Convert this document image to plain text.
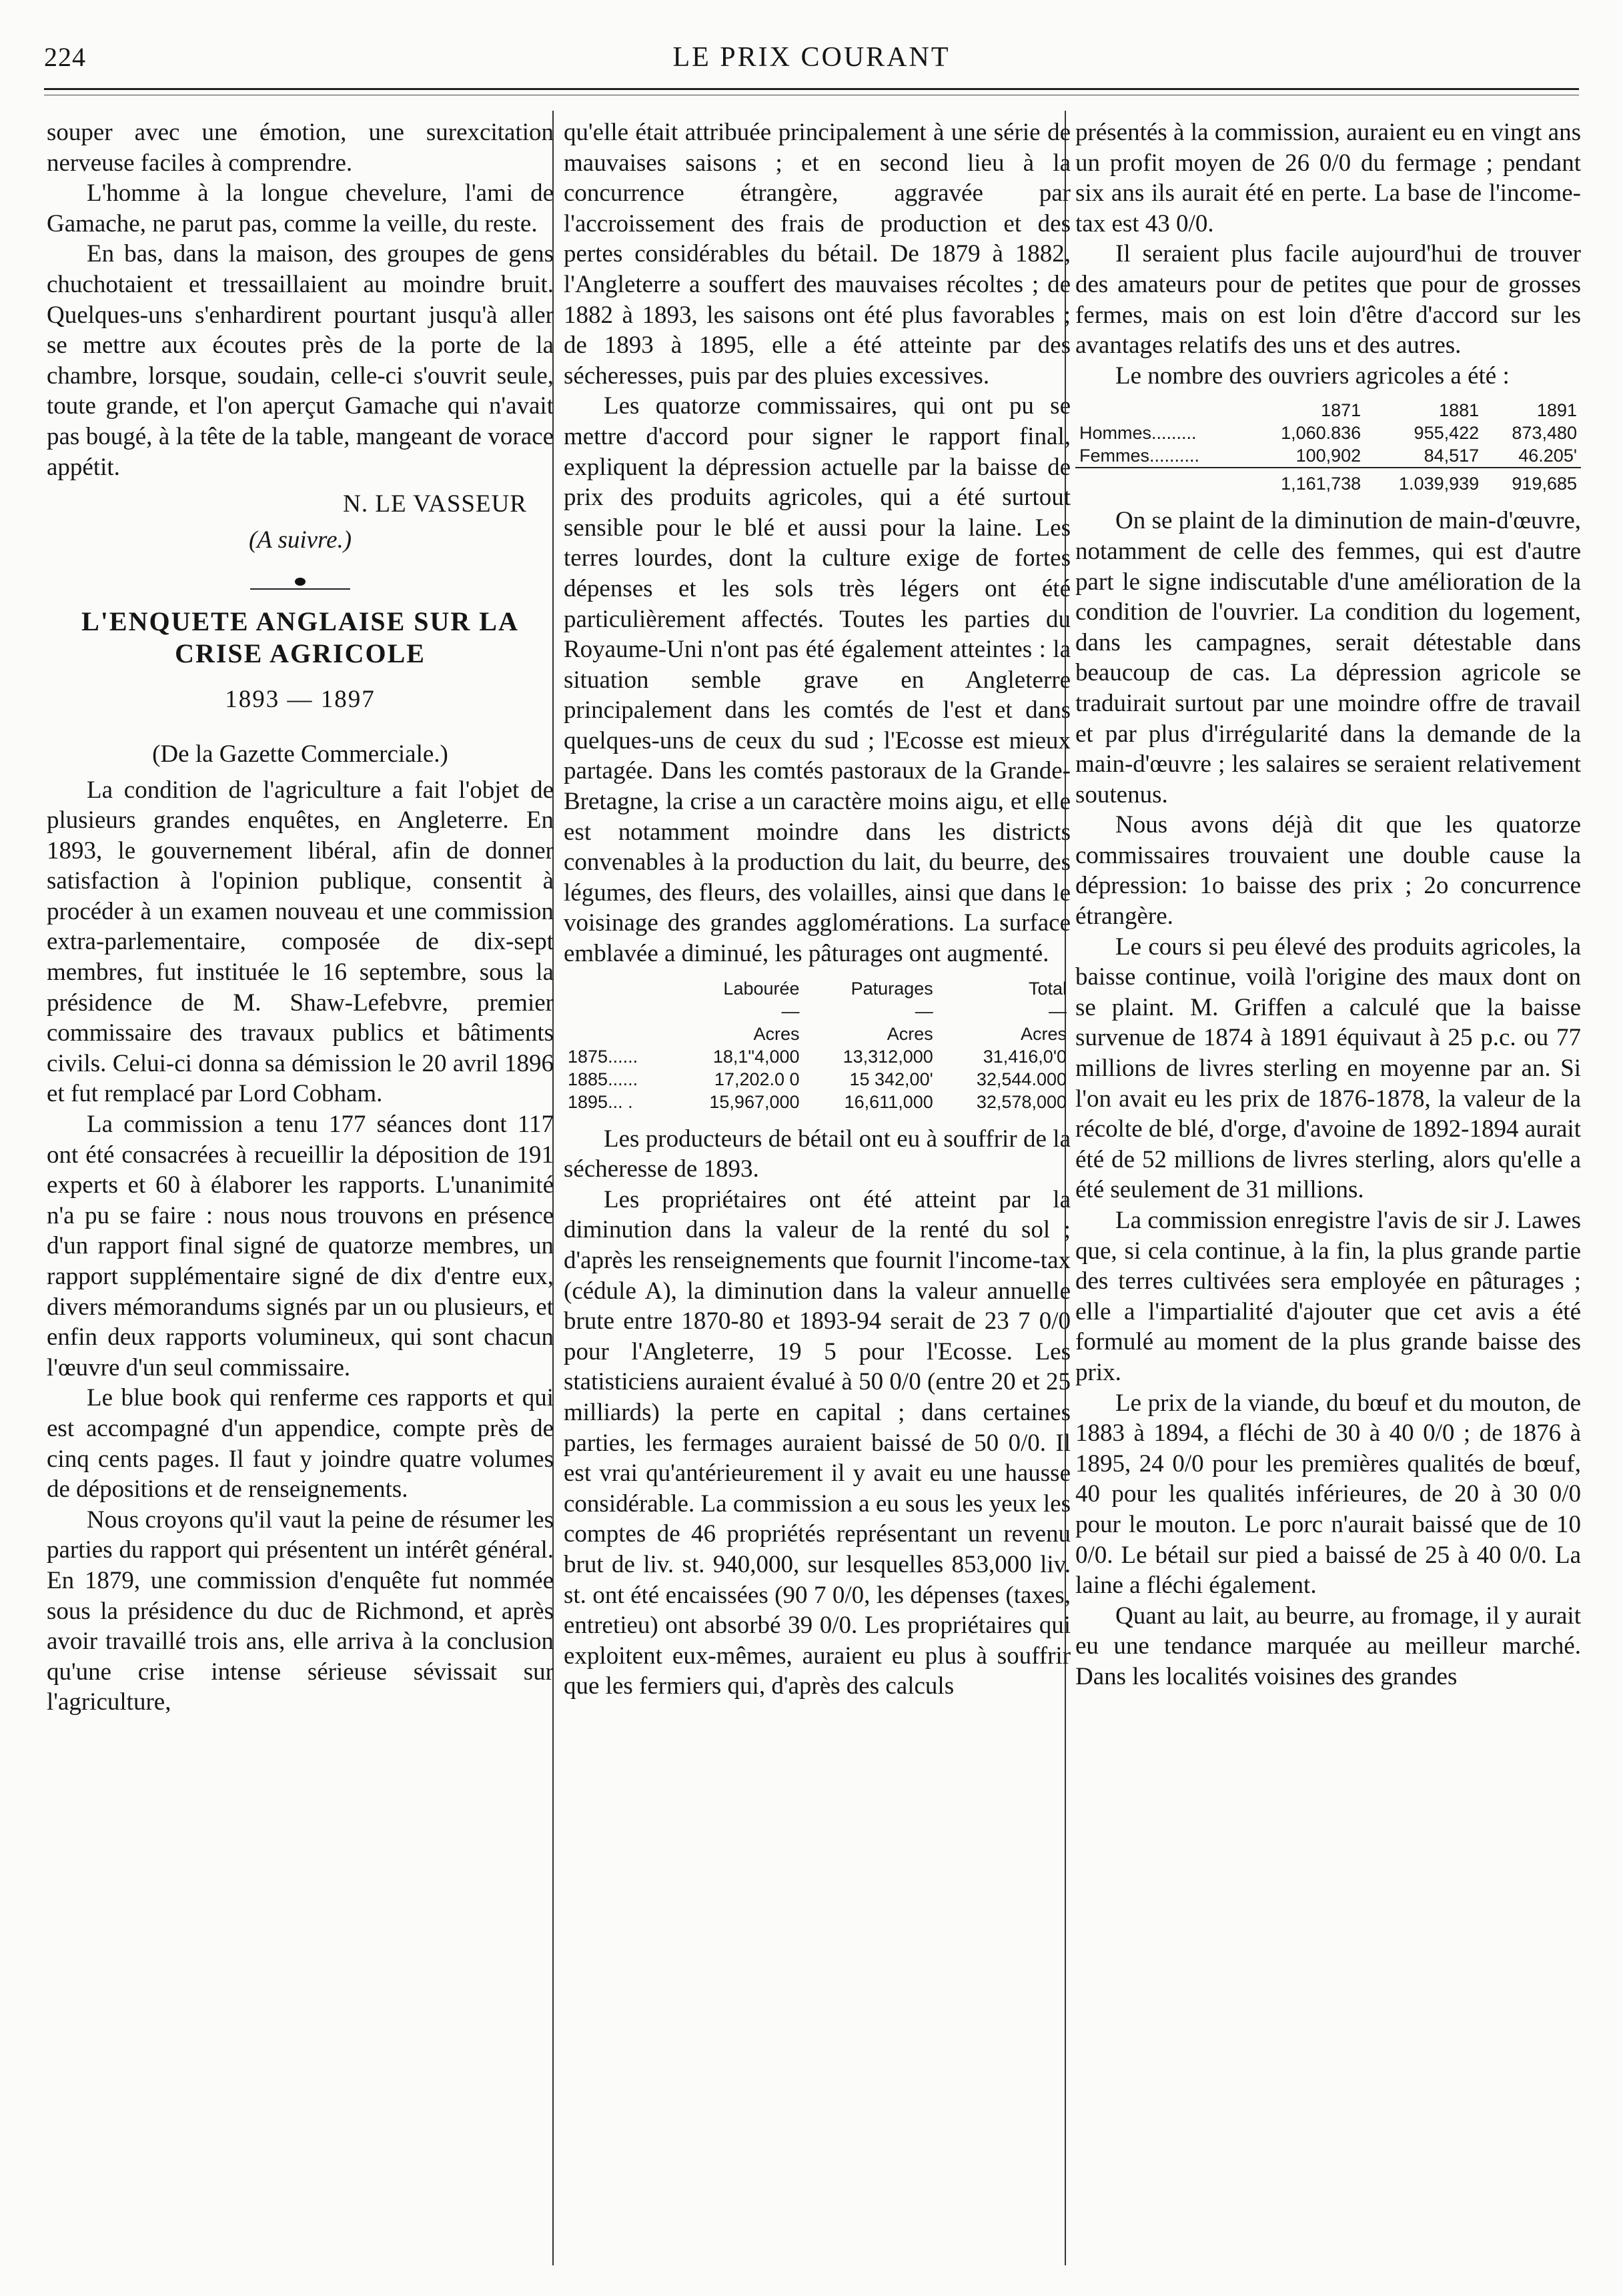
224	LE PRIX COURANT

souper avec une émotion, une surexcitation nerveuse faciles à comprendre.

L'homme à la longue chevelure, l'ami de Gamache, ne parut pas, comme la veille, du reste.

En bas, dans la maison, des groupes de gens chuchotaient et tressaillaient au moindre bruit. Quelques-uns s'enhardirent pourtant jusqu'à aller se mettre aux écoutes près de la porte de la chambre, lorsque, soudain, celle-ci s'ouvrit seule, toute grande, et l'on aperçut Gamache qui n'avait pas bougé, à la tête de la table, mangeant de vorace appétit.

N. LE VASSEUR

(A suivre.)

L'ENQUETE ANGLAISE SUR LA CRISE AGRICOLE

1893 — 1897

(De la Gazette Commerciale.)

La condition de l'agriculture a fait l'objet de plusieurs grandes enquêtes, en Angleterre. En 1893, le gouvernement libéral, afin de donner satisfaction à l'opinion publique, consentit à procéder à un examen nouveau et une commission extra-parlementaire, composée de dix-sept membres, fut instituée le 16 septembre, sous la présidence de M. Shaw-Lefebvre, premier commissaire des travaux publics et bâtiments civils. Celui-ci donna sa démission le 20 avril 1896 et fut remplacé par Lord Cobham.

La commission a tenu 177 séances dont 117 ont été consacrées à recueillir la déposition de 191 experts et 60 à élaborer les rapports. L'unanimité n'a pu se faire : nous nous trouvons en présence d'un rapport final signé de quatorze membres, un rapport supplémentaire signé de dix d'entre eux, divers mémorandums signés par un ou plusieurs, et enfin deux rapports volumineux, qui sont chacun l'œuvre d'un seul commissaire.

Le blue book qui renferme ces rapports et qui est accompagné d'un appendice, compte près de cinq cents pages. Il faut y joindre quatre volumes de dépositions et de renseignements.

Nous croyons qu'il vaut la peine de résumer les parties du rapport qui présentent un intérêt général. En 1879, une commission d'enquête fut nommée sous la présidence du duc de Richmond, et après avoir travaillé trois ans, elle arriva à la conclusion qu'une crise intense sérieuse sévissait sur l'agriculture,

qu'elle était attribuée principalement à une série de mauvaises saisons ; et en second lieu à la concurrence étrangère, aggravée par l'accroissement des frais de production et des pertes considérables du bétail. De 1879 à 1882, l'Angleterre a souffert des mauvaises récoltes ; de 1882 à 1893, les saisons ont été plus favorables ; de 1893 à 1895, elle a été atteinte par des sécheresses, puis par des pluies excessives.

Les quatorze commissaires, qui ont pu se mettre d'accord pour signer le rapport final, expliquent la dépression actuelle par la baisse de prix des produits agricoles, qui a été surtout sensible pour le blé et aussi pour la laine. Les terres lourdes, dont la culture exige de fortes dépenses et les sols très légers ont été particulièrement affectés. Toutes les parties du Royaume-Uni n'ont pas été également atteintes : la situation semble grave en Angleterre principalement dans les comtés de l'est et dans quelques-uns de ceux du sud ; l'Ecosse est mieux partagée. Dans les comtés pastoraux de la Grande-Bretagne, la crise a un caractère moins aigu, et elle est notamment moindre dans les districts convenables à la production du lait, du beurre, des légumes, des fleurs, des volailles, ainsi que dans le voisinage des grandes agglomérations. La surface emblavée a diminué, les pâturages ont augmenté.

	Labourée	Paturages	Total
	—	—	—
	Acres	Acres	Acres
1875......	18,1"4,000	13,312,000	31,416,0'0
1885......	17,202.0 0	15 342,00'	32,544.000
1895... .	15,967,000	16,611,000	32,578,000

Les producteurs de bétail ont eu à souffrir de la sécheresse de 1893.

Les propriétaires ont été atteint par la diminution dans la valeur de la renté du sol ; d'après les renseignements que fournit l'income-tax (cédule A), la diminution dans la valeur annuelle brute entre 1870-80 et 1893-94 serait de 23 7 0/0 pour l'Angleterre, 19 5 pour l'Ecosse. Les statisticiens auraient évalué à 50 0/0 (entre 20 et 25 milliards) la perte en capital ; dans certaines parties, les fermages auraient baissé de 50 0/0. Il est vrai qu'antérieurement il y avait eu une hausse considérable. La commission a eu sous les yeux les comptes de 46 propriétés représentant un revenu brut de liv. st. 940,000, sur lesquelles 853,000 liv. st. ont été encaissées (90 7 0/0, les dépenses (taxes, entretieu) ont absorbé 39 0/0. Les propriétaires qui exploitent eux-mêmes, auraient eu plus à souffrir que les fermiers qui, d'après des calculs

présentés à la commission, auraient eu en vingt ans un profit moyen de 26 0/0 du fermage ; pendant six ans ils aurait été en perte. La base de l'income-tax est 43 0/0.

Il seraient plus facile aujourd'hui de trouver des amateurs pour de petites que pour de grosses fermes, mais on est loin d'être d'accord sur les avantages relatifs des uns et des autres.

Le nombre des ouvriers agricoles a été :

	1871	1881	1891
Hommes.........	1,060.836	955,422	873,480
Femmes..........	100,902	84,517	46.205'
	1,161,738	1.039,939	919,685

On se plaint de la diminution de main-d'œuvre, notamment de celle des femmes, qui est d'autre part le signe indiscutable d'une amélioration de la condition de l'ouvrier. La condition du logement, dans les campagnes, serait détestable dans beaucoup de cas. La dépression agricole se traduirait surtout par une moindre offre de travail et par plus d'irrégularité dans la demande de la main-d'œuvre ; les salaires se seraient relativement soutenus.

Nous avons déjà dit que les quatorze commissaires trouvaient une double cause la dépression: 1o baisse des prix ; 2o concurrence étrangère.

Le cours si peu élevé des produits agricoles, la baisse continue, voilà l'origine des maux dont on se plaint. M. Griffen a calculé que la baisse survenue de 1874 à 1891 équivaut à 25 p.c. ou 77 millions de livres sterling en moyenne par an. Si l'on avait eu les prix de 1876-1878, la valeur de la récolte de blé, d'orge, d'avoine de 1892-1894 aurait été de 52 millions de livres sterling, alors qu'elle a été seulement de 31 millions.

La commission enregistre l'avis de sir J. Lawes que, si cela continue, à la fin, la plus grande partie des terres cultivées sera employée en pâturages ; elle a l'impartialité d'ajouter que cet avis a été formulé au moment de la plus grande baisse des prix.

Le prix de la viande, du bœuf et du mouton, de 1883 à 1894, a fléchi de 30 à 40 0/0 ; de 1876 à 1895, 24 0/0 pour les premières qualités de bœuf, 40 pour les qualités inférieures, de 20 à 30 0/0 pour le mouton. Le porc n'aurait baissé que de 10 0/0. Le bétail sur pied a baissé de 25 à 40 0/0. La laine a fléchi également.

Quant au lait, au beurre, au fromage, il y aurait eu une tendance marquée au meilleur marché. Dans les localités voisines des grandes
